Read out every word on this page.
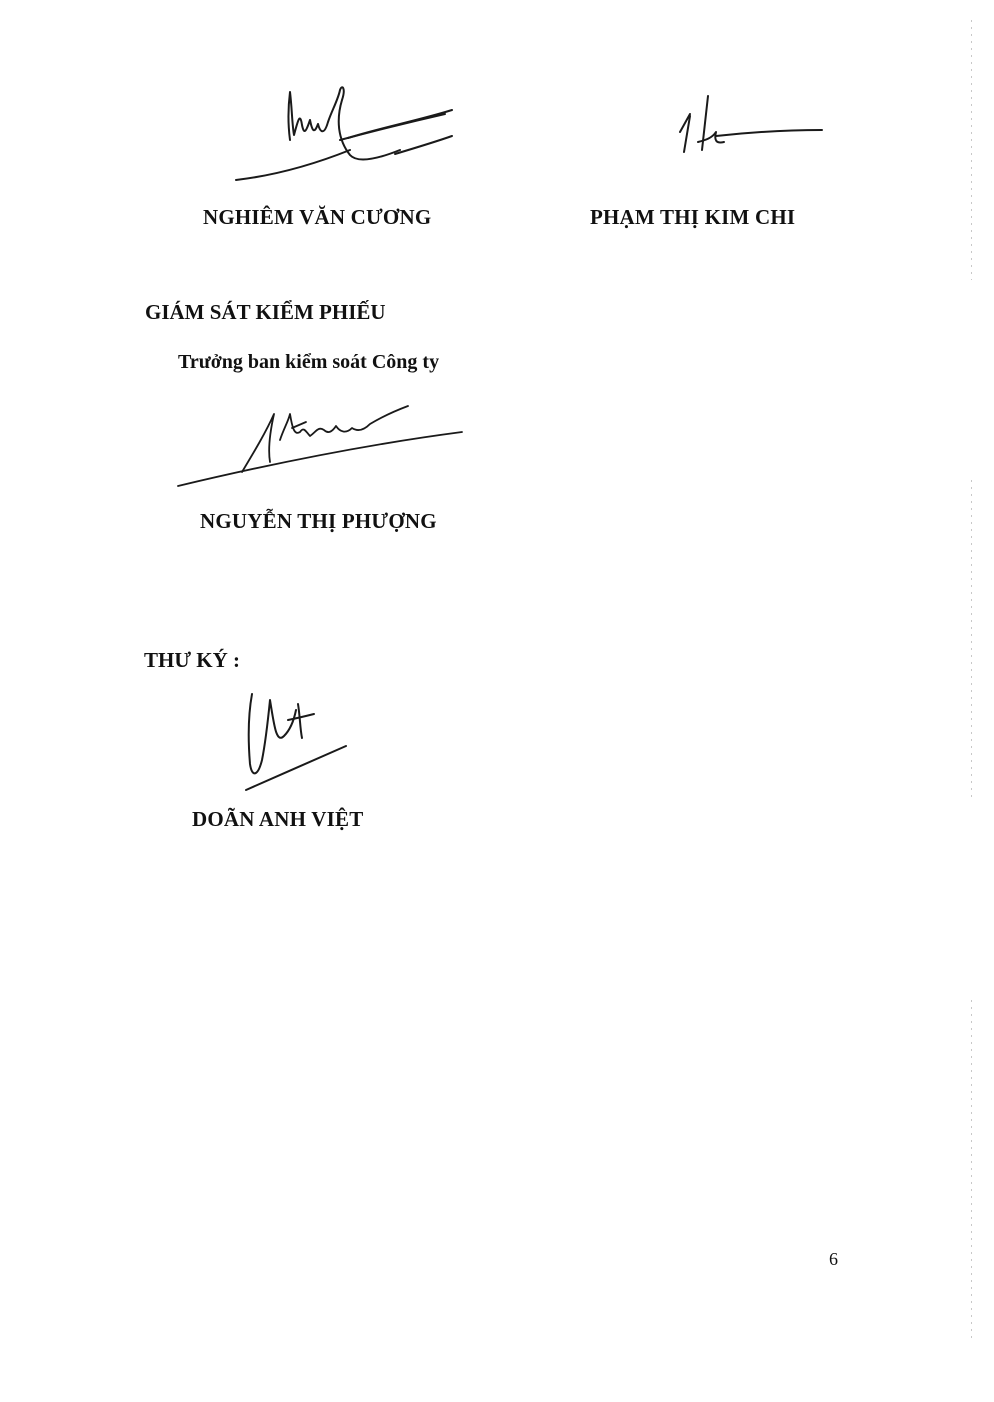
NGHIÊM VĂN CƯƠNG	PHẠM THỊ KIM CHI
GIÁM SÁT KIỂM PHIẾU
Trưởng ban kiểm soát Công ty
NGUYỄN THỊ PHƯỢNG
THƯ KÝ :
DOÃN ANH VIỆT
6
